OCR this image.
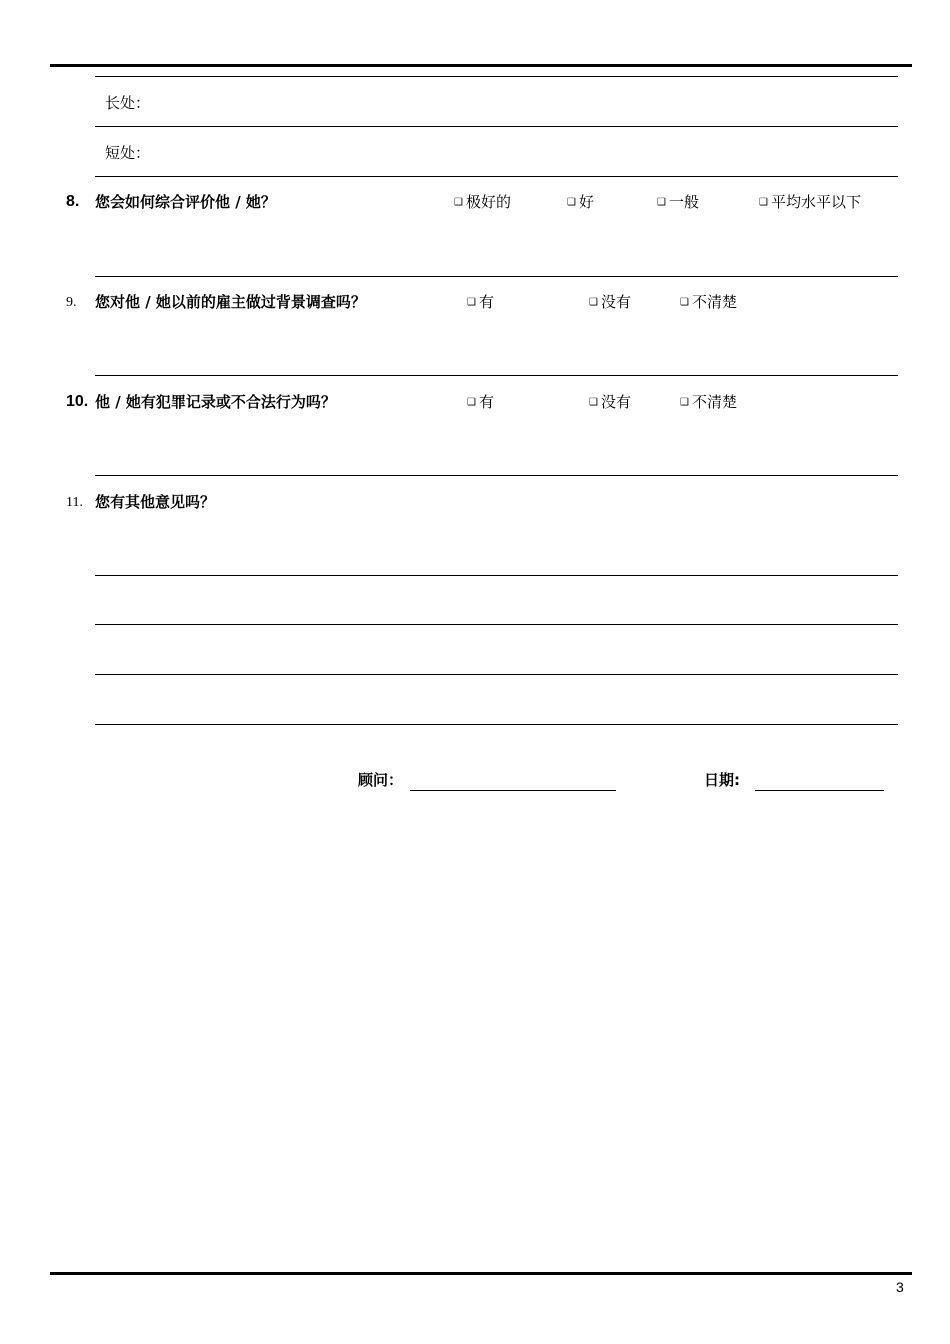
长处：
短处：
8. 您会如何综合评价他 / 她？	❑ 极好的	❑ 好	❑ 一般	❑ 平均水平以下
9. 您对他 / 她以前的雇主做过背景调查吗？	❑ 有	❑ 没有	❑ 不清楚
10. 他 / 她有犯罪记录或不合法行为吗？	❑ 有	❑ 没有	❑ 不清楚
11. 您有其他意见吗？
顾问：	日期:
3
